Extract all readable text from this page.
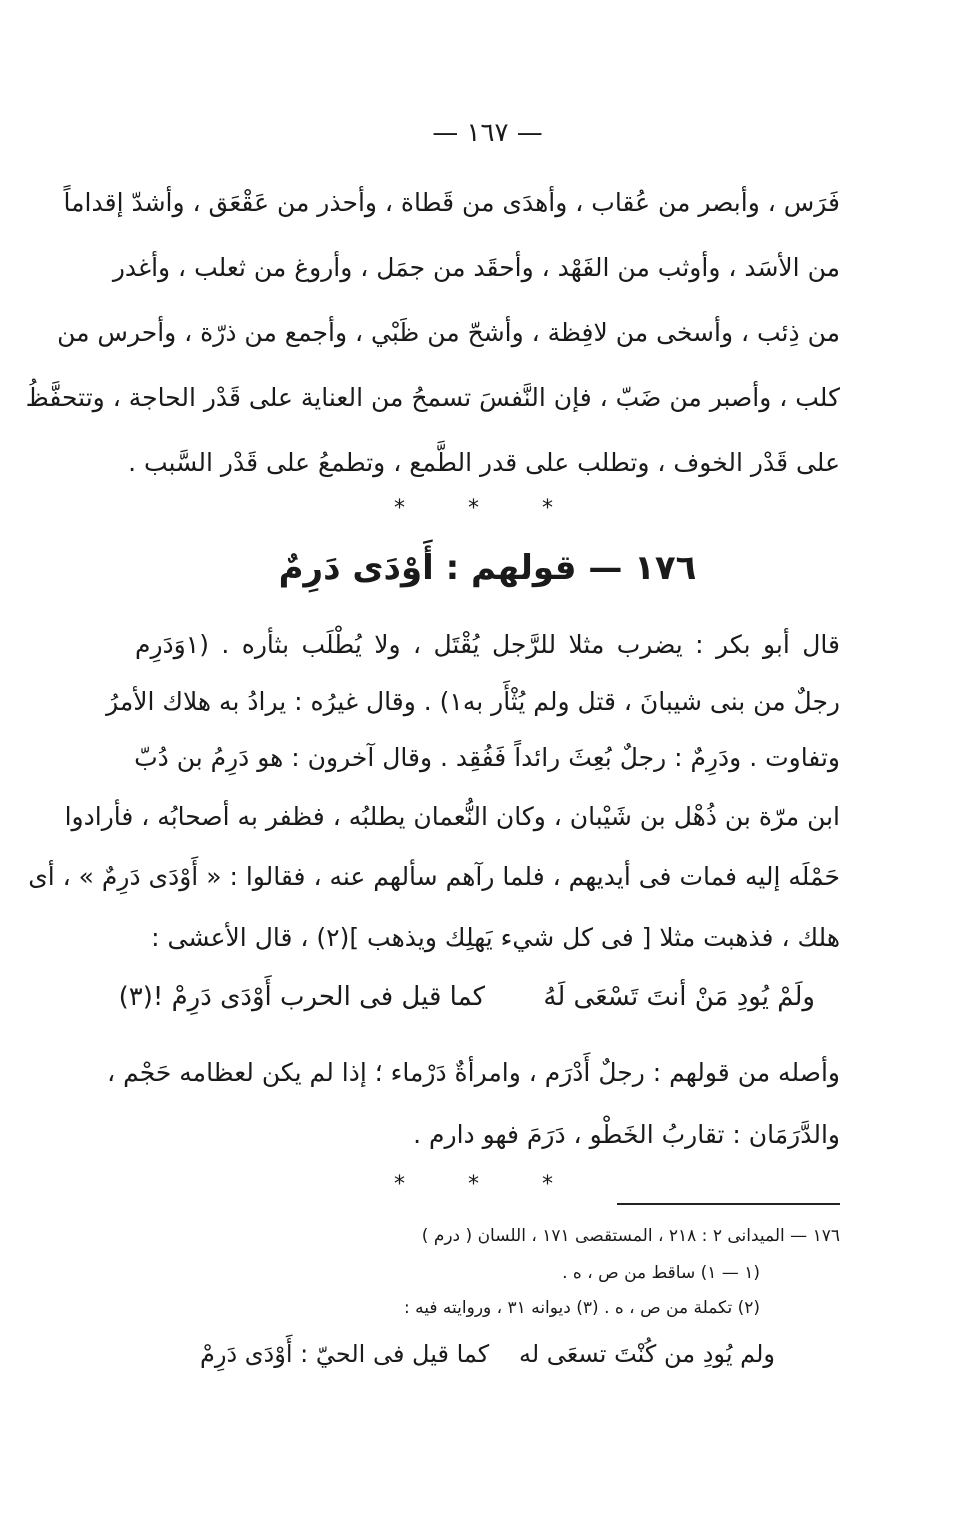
— ١٦٧ —
فَرَس ، وأبصر من عُقاب ، وأهدَى من قَطاة ، وأحذر من عَقْعَق ، وأشدّ إقداماً
من الأسَد ، وأوثب من الفَهْد ، وأحقَد من جمَل ، وأروغ من ثعلب ، وأغدر
من ذِئب ، وأسخى من لافِظة ، وأشحّ من ظَبْي ، وأجمع من ذرّة ، وأحرس من
كلب ، وأصبر من ضَبّ ، فإن النَّفسَ تسمحُ من العناية على قَدْر الحاجة ، وتتحفَّظُ
على قَدْر الخوف ، وتطلب على قدر الطَّمع ، وتطمعُ على قَدْر السَّبب .
* * *
١٧٦ — قولهم : أَوْدَى دَرِمٌ
قال أبو بكر : يضرب مثلا للرَّجل يُقْتَل ، ولا يُطْلَب بثأره . (١وَدَرِم
رجلٌ من بنى شيبانَ ، قتل ولم يُثْأَر به١) . وقال غيرُه : يرادُ به هلاك الأمرُ
وتفاوت . ودَرِمٌ : رجلٌ بُعِثَ رائداً فَفُقِد . وقال آخرون : هو دَرِمُ بن دُبّ
ابن مرّة بن ذُهْل بن شَيْبان ، وكان النُّعمان يطلبُه ، فظفر به أصحابُه ، فأرادوا
حَمْلَه إليه فمات فى أيديهم ، فلما رآهم سألهم عنه ، فقالوا : « أَوْدَى دَرِمٌ » ، أى
هلك ، فذهبت مثلا [ فى كل شيء يَهلِك ويذهب ](٢) ، قال الأعشى :
ولَمْ يُودِ مَنْ أنتَ تَسْعَى لَهُ
كما قيل فى الحرب أَوْدَى دَرِمْ !(٣)
وأصله من قولهم : رجلٌ أَدْرَم ، وامرأةٌ دَرْماء ؛ إذا لم يكن لعظامه حَجْم ،
والدَّرَمَان : تقاربُ الخَطْو ، دَرَمَ فهو دارم .
* * *
١٧٦ — الميدانى ٢ : ٢١٨ ، المستقصى ١٧١ ، اللسان ( درم )
(١ — ١) ساقط من ص ، ه .
(٢) تكملة من ص ، ه . (٣) ديوانه ٣١ ، وروايته فيه :
ولم يُودِ من كُنْتَ تسعَى له
كما قيل فى الحيّ : أَوْدَى دَرِمْ
